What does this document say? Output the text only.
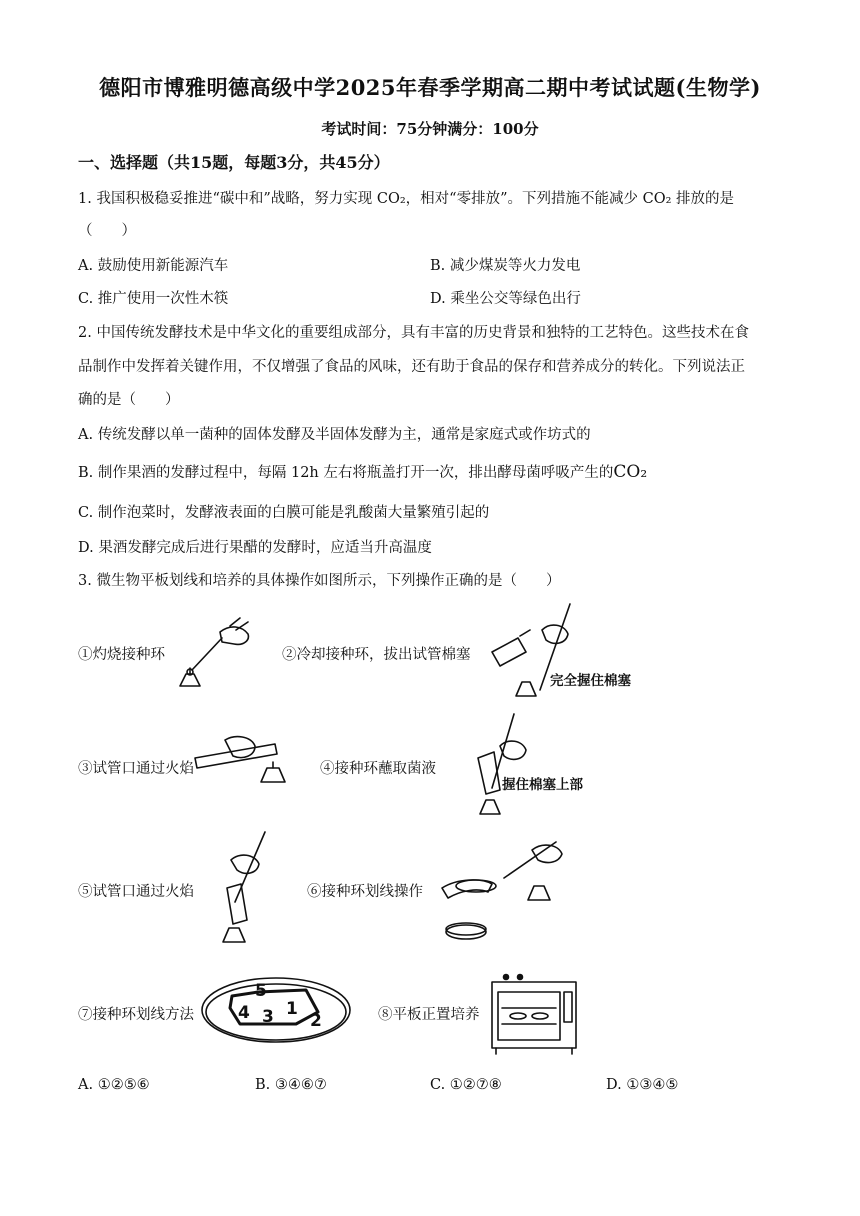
德阳市博雅明德高级中学2025年春季学期高二期中考试试题(生物学)
考试时间：75分钟满分：100分
一、选择题（共15题，每题3分，共45分）
1. 我国积极稳妥推进“碳中和”战略，努力实现 CO₂，相对“零排放”。下列措施不能减少 CO₂ 排放的是
（　　）
A. 鼓励使用新能源汽车	B. 减少煤炭等火力发电
C. 推广使用一次性木筷	D. 乘坐公交等绿色出行
2. 中国传统发酵技术是中华文化的重要组成部分，具有丰富的历史背景和独特的工艺特色。这些技术在食
品制作中发挥着关键作用，不仅增强了食品的风味，还有助于食品的保存和营养成分的转化。下列说法正
确的是（　　）
A. 传统发酵以单一菌种的固体发酵及半固体发酵为主，通常是家庭式或作坊式的
B. 制作果酒的发酵过程中，每隔 12h 左右将瓶盖打开一次，排出酵母菌呼吸产生的CO₂
C. 制作泡菜时，发酵液表面的白膜可能是乳酸菌大量繁殖引起的
D. 果酒发酵完成后进行果醋的发酵时，应适当升高温度
3. 微生物平板划线和培养的具体操作如图所示，下列操作正确的是（　　）
①灼烧接种环	②冷却接种环，拔出试管棉塞
完全握住棉塞
③试管口通过火焰	④接种环蘸取菌液
握住棉塞上部
⑤试管口通过火焰	⑥接种环划线操作
⑦接种环划线方法
5
4 3 1
2	⑧平板正置培养
A. ①②⑤⑥	B. ③④⑥⑦	C. ①②⑦⑧	D. ①③④⑤
